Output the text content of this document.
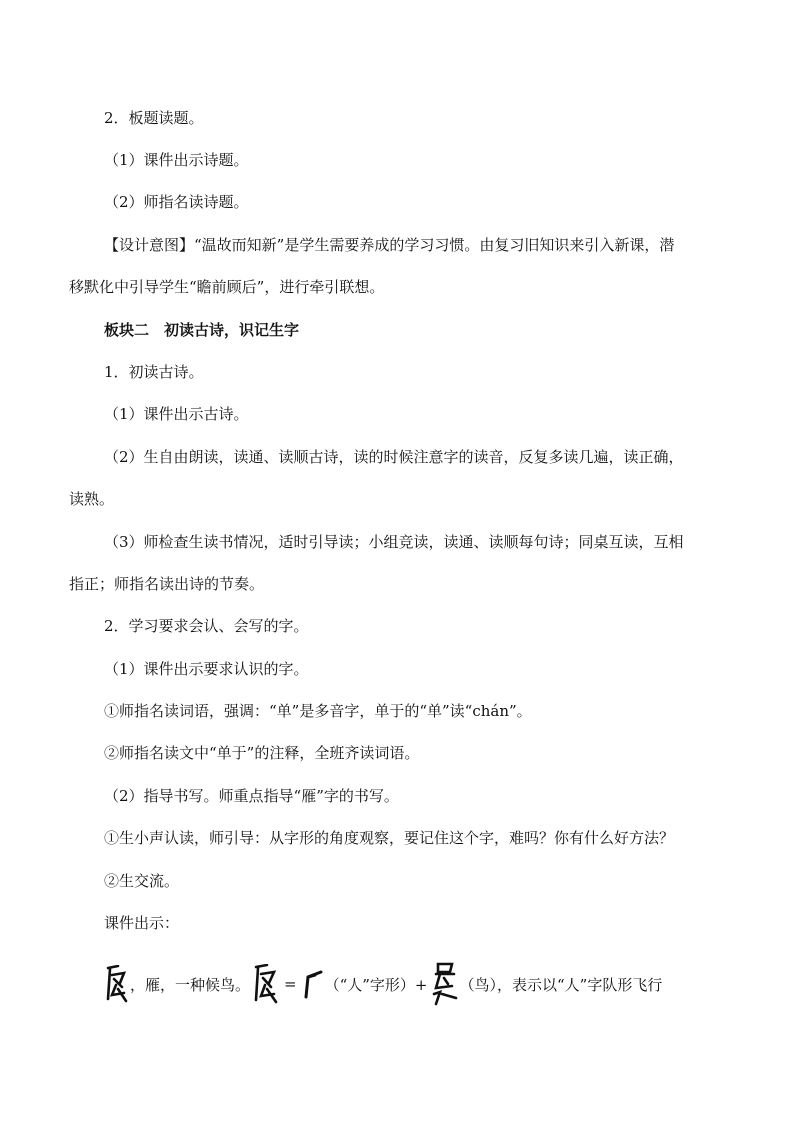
2．板题读题。
（1）课件出示诗题。
（2）师指名读诗题。
【设计意图】“温故而知新”是学生需要养成的学习习惯。由复习旧知识来引入新课，潜
移默化中引导学生“瞻前顾后”，进行牵引联想。
板块二　初读古诗，识记生字
1．初读古诗。
（1）课件出示古诗。
（2）生自由朗读，读通、读顺古诗，读的时候注意字的读音，反复多读几遍，读正确，
读熟。
（3）师检查生读书情况，适时引导读；小组竞读，读通、读顺每句诗；同桌互读，互相
指正；师指名读出诗的节奏。
2．学习要求会认、会写的字。
（1）课件出示要求认识的字。
①师指名读词语，强调：“单”是多音字，单于的“单”读“chán”。
②师指名读文中“单于”的注释，全班齐读词语。
（2）指导书写。师重点指导“雁”字的书写。
①生小声认读，师引导：从字形的角度观察，要记住这个字，难吗？你有什么好方法？
②生交流。
课件出示：
，雁，一种候鸟。 = （“人”字形）+ （鸟），表示以“人”字队形飞行
